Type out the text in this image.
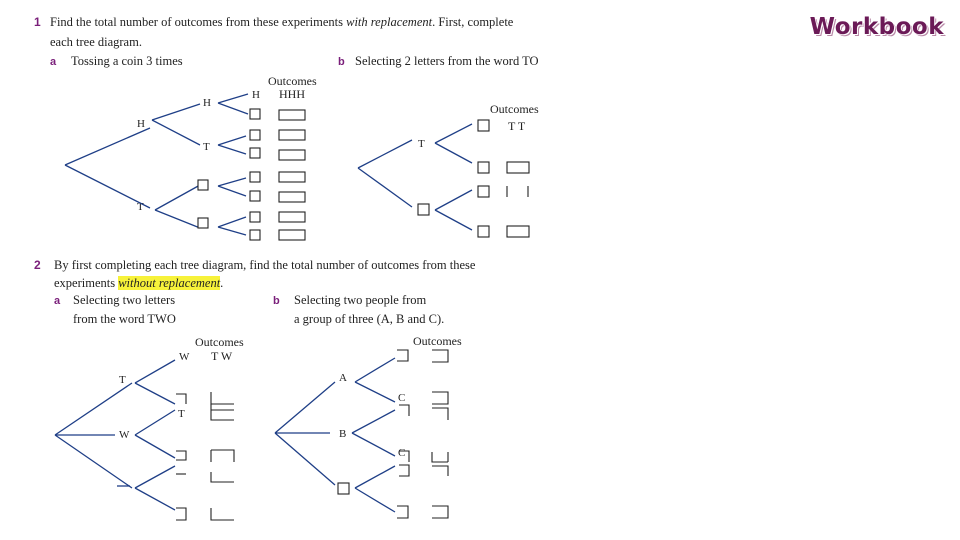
Workbook
1 Find the total number of outcomes from these experiments with replacement. First, complete
each tree diagram.
a Tossing a coin 3 times	b Selecting 2 letters from the word TO
Outcomes
HHH
H
H
H
T
T
Outcomes
T T
T
2 By first completing each tree diagram, find the total number of outcomes from these
experiments without replacement.
a Selecting two letters
from the word TWO
b Selecting two people from
a group of three (A, B and C).
Outcomes
T W
W
T
T
W
Outcomes
A
C
B
C
